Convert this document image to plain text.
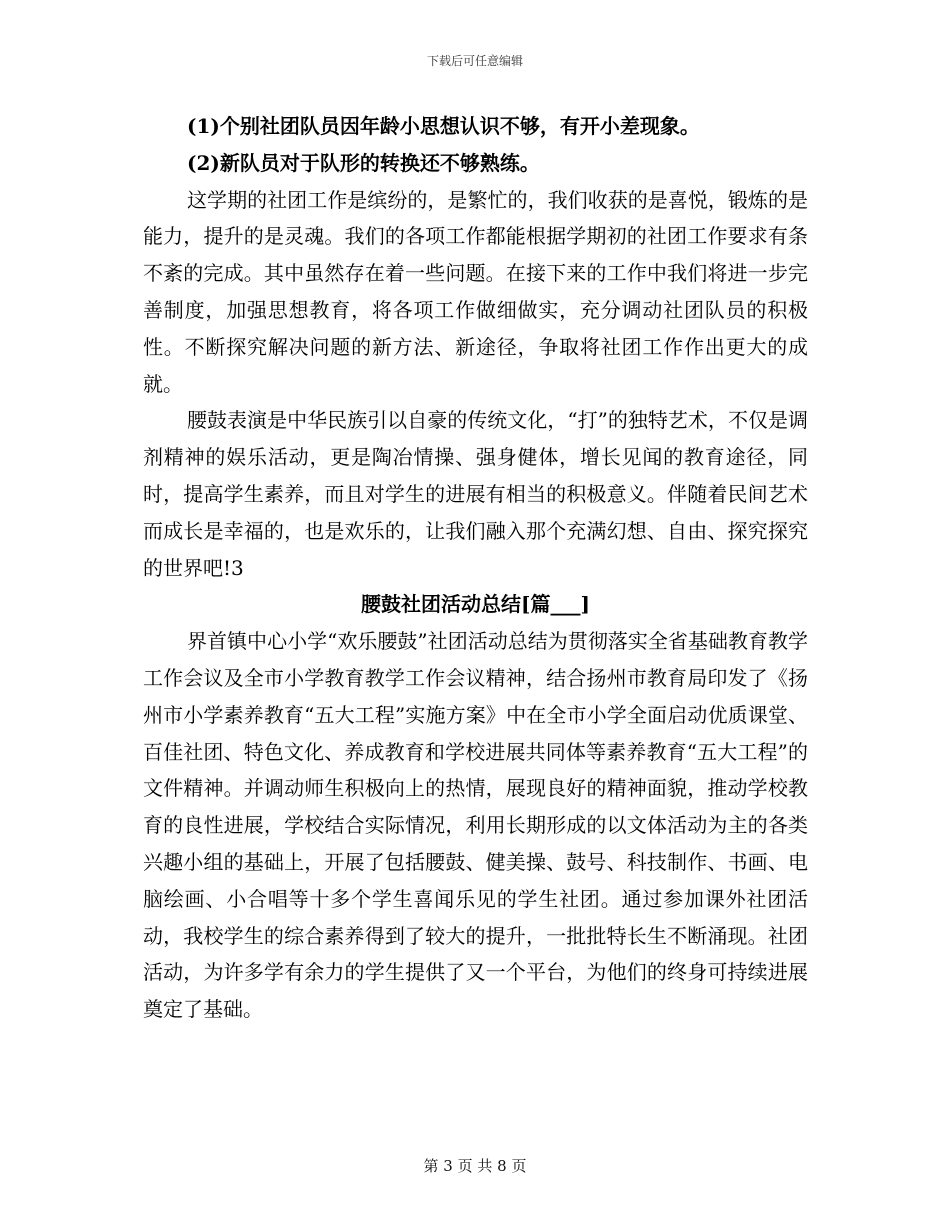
下载后可任意编辑

(1)个别社团队员因年龄小思想认识不够，有开小差现象。

(2)新队员对于队形的转换还不够熟练。

这学期的社团工作是缤纷的，是繁忙的，我们收获的是喜悦，锻炼的是能力，提升的是灵魂。我们的各项工作都能根据学期初的社团工作要求有条不紊的完成。其中虽然存在着一些问题。在接下来的工作中我们将进一步完善制度，加强思想教育，将各项工作做细做实，充分调动社团队员的积极性。不断探究解决问题的新方法、新途径，争取将社团工作作出更大的成就。

腰鼓表演是中华民族引以自豪的传统文化，“打”的独特艺术，不仅是调剂精神的娱乐活动，更是陶冶情操、强身健体，增长见闻的教育途径，同时，提高学生素养，而且对学生的进展有相当的积极意义。伴随着民间艺术而成长是幸福的，也是欢乐的，让我们融入那个充满幻想、自由、探究探究的世界吧!3

腰鼓社团活动总结[篇___]

界首镇中心小学“欢乐腰鼓”社团活动总结为贯彻落实全省基础教育教学工作会议及全市小学教育教学工作会议精神，结合扬州市教育局印发了《扬州市小学素养教育“五大工程”实施方案》中在全市小学全面启动优质课堂、百佳社团、特色文化、养成教育和学校进展共同体等素养教育“五大工程”的文件精神。并调动师生积极向上的热情，展现良好的精神面貌，推动学校教育的良性进展，学校结合实际情况，利用长期形成的以文体活动为主的各类兴趣小组的基础上，开展了包括腰鼓、健美操、鼓号、科技制作、书画、电脑绘画、小合唱等十多个学生喜闻乐见的学生社团。通过参加课外社团活动，我校学生的综合素养得到了较大的提升，一批批特长生不断涌现。社团活动，为许多学有余力的学生提供了又一个平台，为他们的终身可持续进展奠定了基础。

第 3 页 共 8 页
